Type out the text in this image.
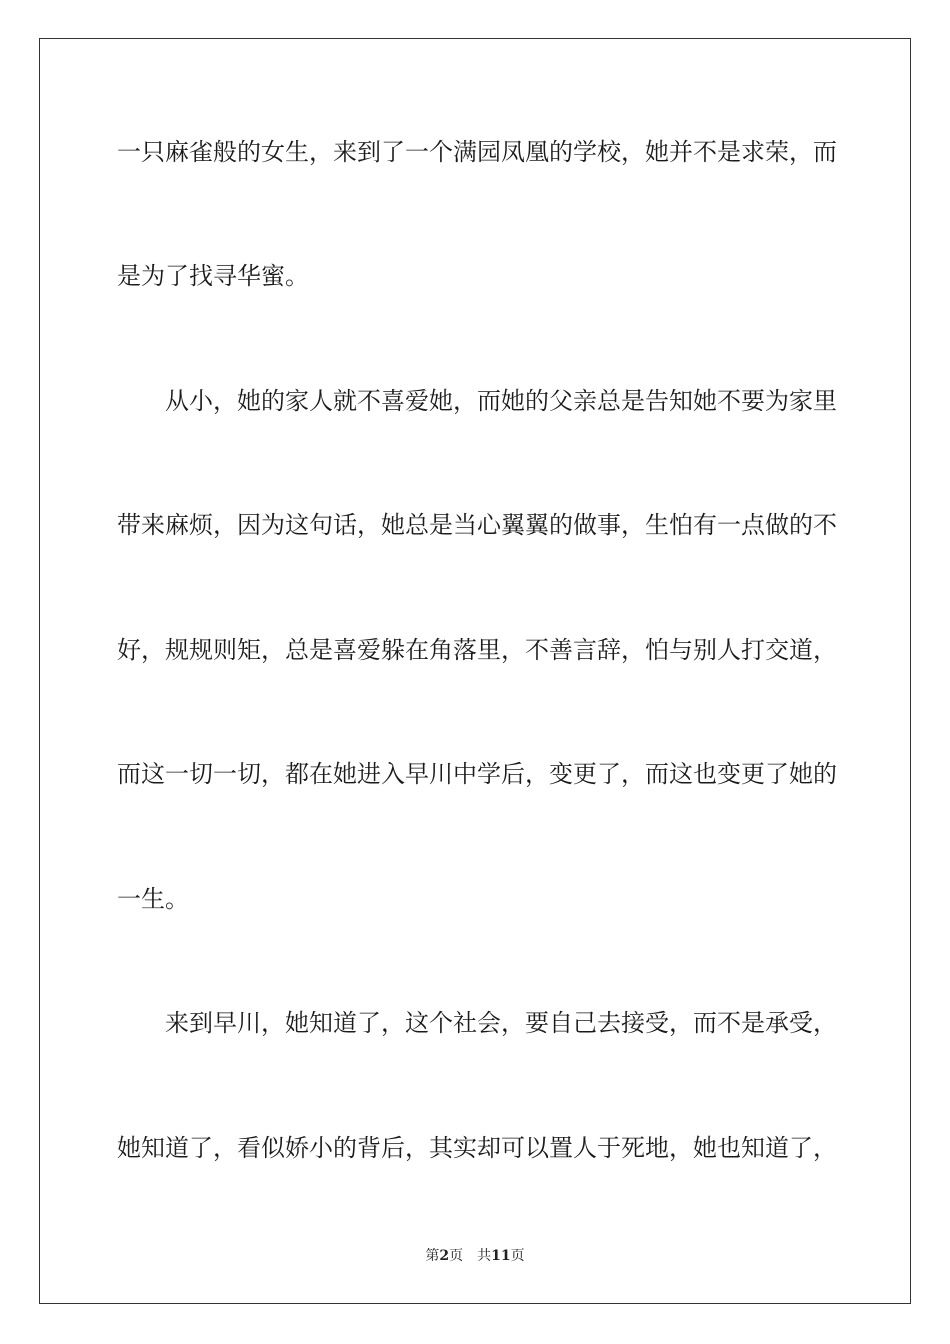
一只麻雀般的女生，来到了一个满园凤凰的学校，她并不是求荣，而
是为了找寻华蜜。
从小，她的家人就不喜爱她，而她的父亲总是告知她不要为家里
带来麻烦，因为这句话，她总是当心翼翼的做事，生怕有一点做的不
好，规规则矩，总是喜爱躲在角落里，不善言辞，怕与别人打交道，
而这一切一切，都在她进入早川中学后，变更了，而这也变更了她的
一生。
来到早川，她知道了，这个社会，要自己去接受，而不是承受，
她知道了，看似娇小的背后，其实却可以置人于死地，她也知道了，
第2页 共11页
